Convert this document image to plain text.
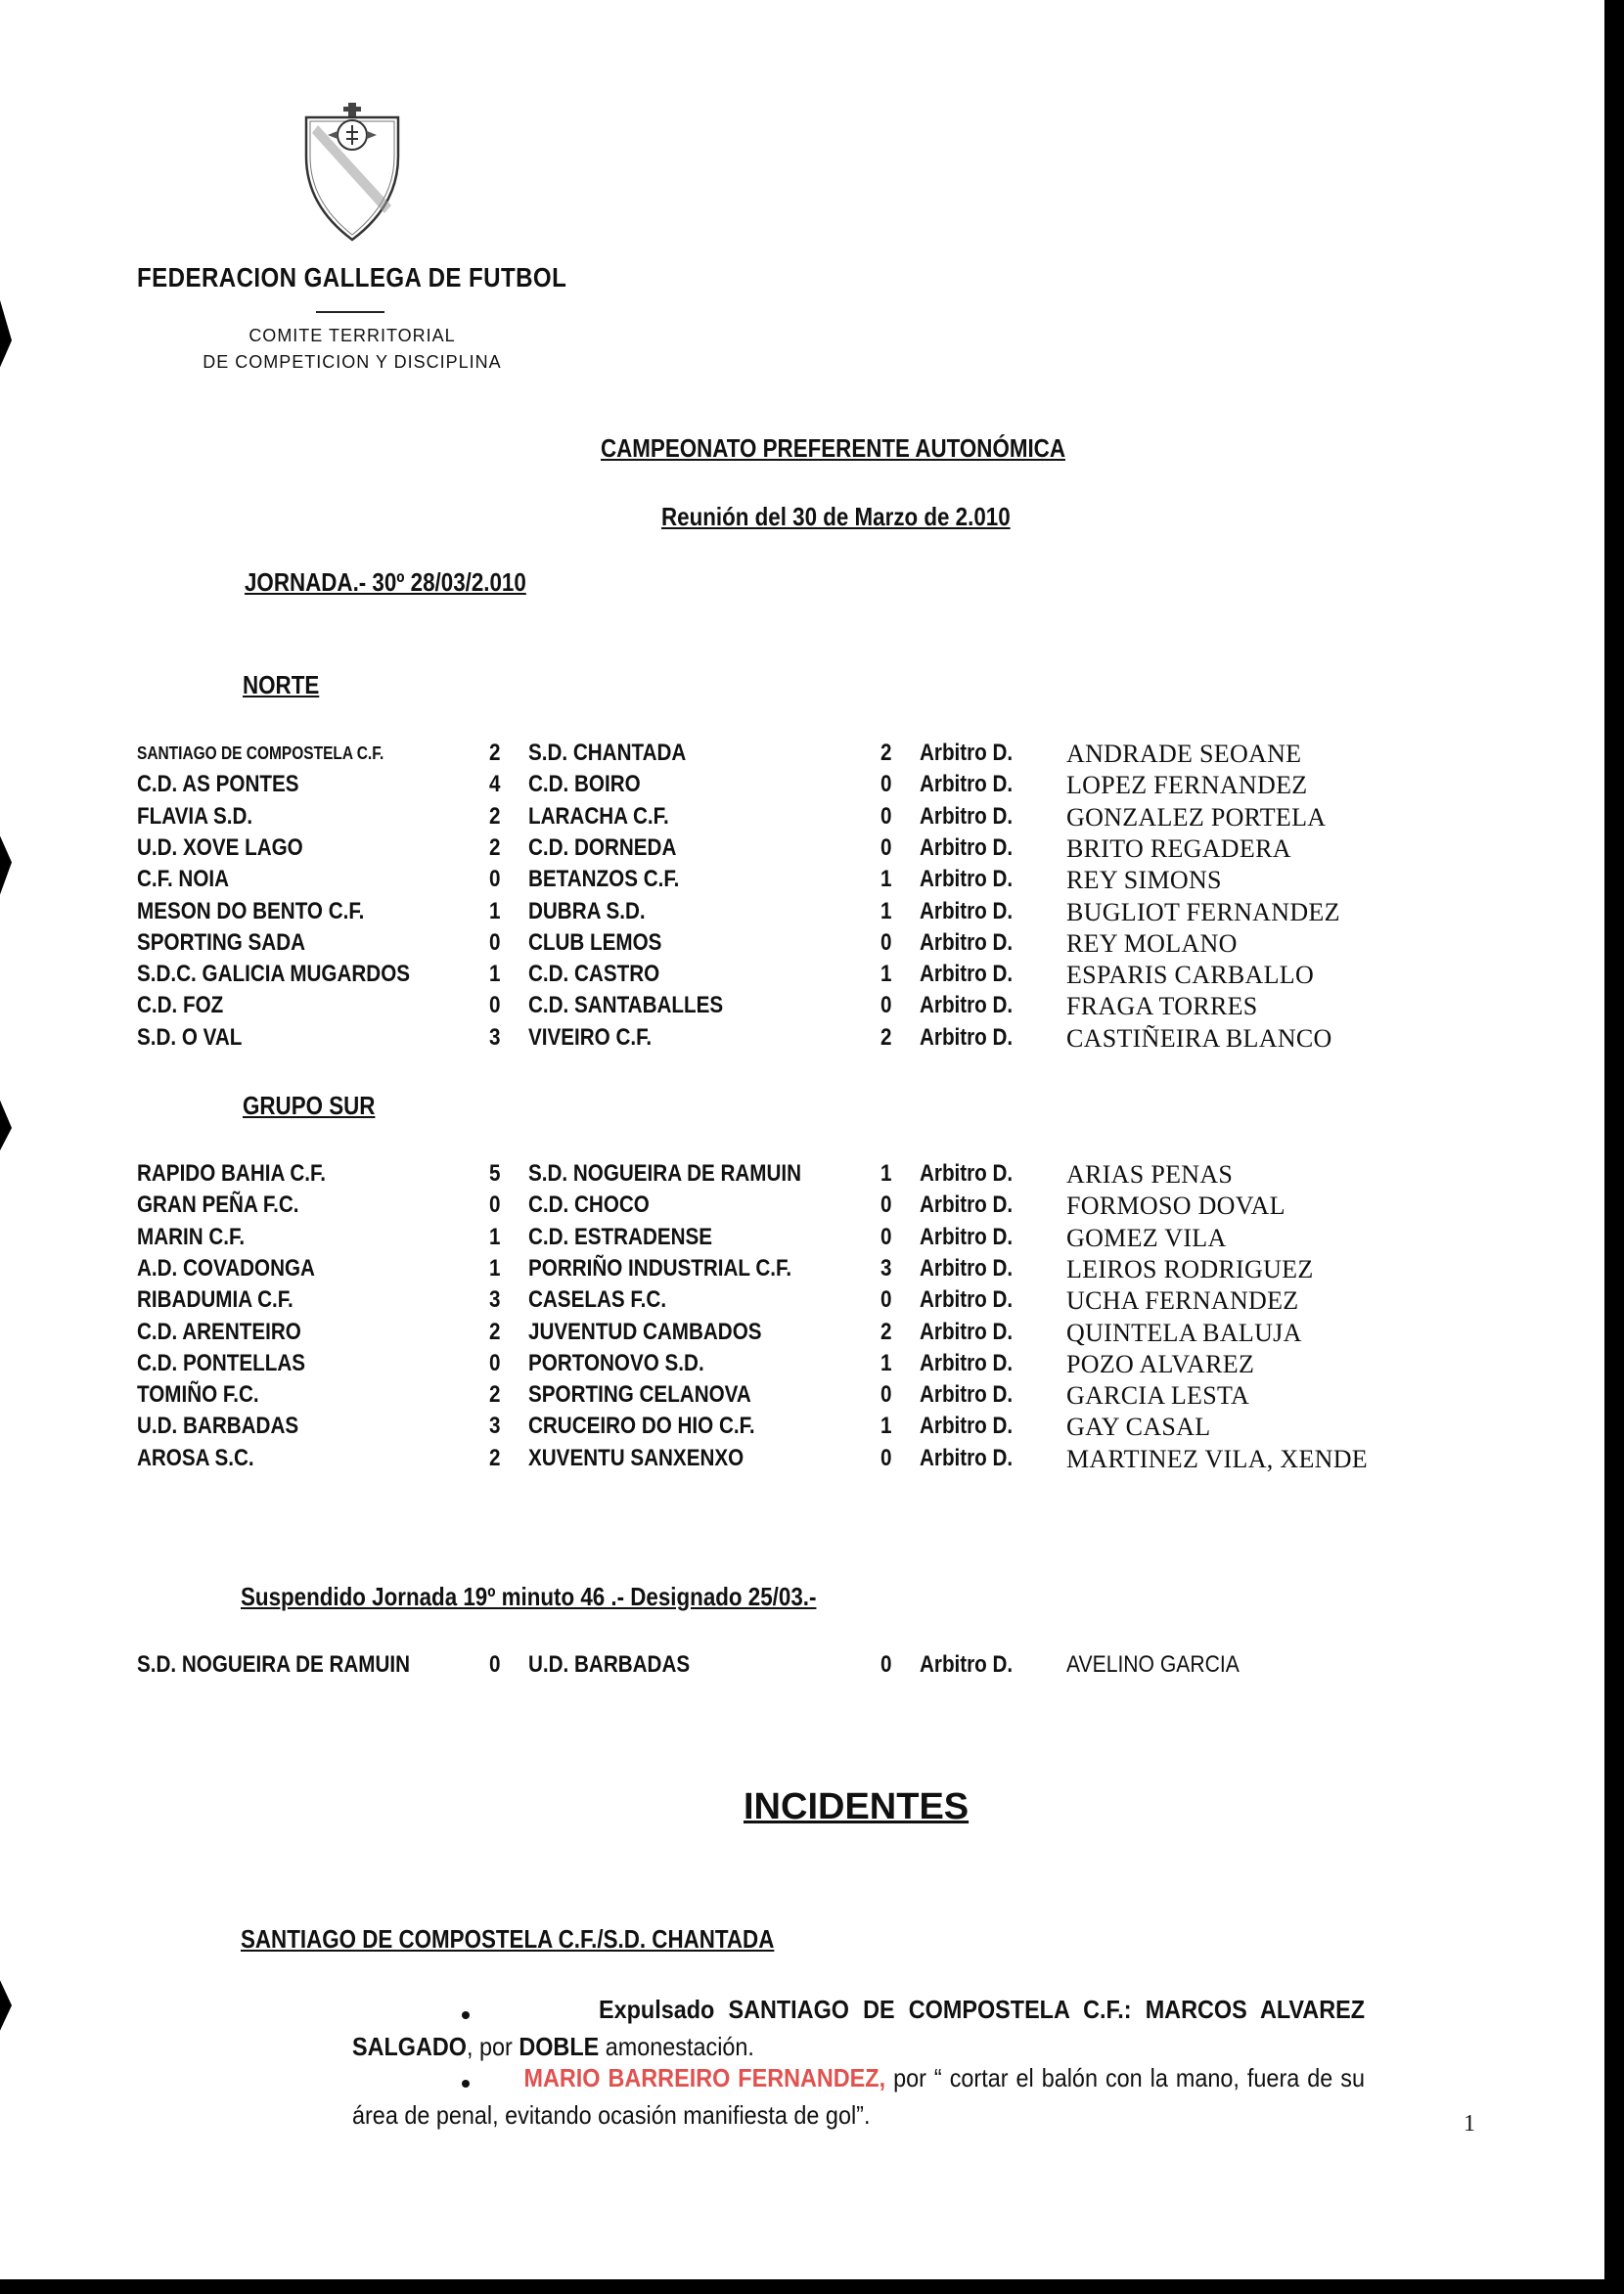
FEDERACION GALLEGA DE FUTBOL
COMITE TERRITORIAL
DE COMPETICION Y DISCIPLINA
CAMPEONATO PREFERENTE AUTONÓMICA
Reunión del 30 de Marzo de 2.010
JORNADA.- 30º 28/03/2.010
NORTE
SANTIAGO DE COMPOSTELA C.F.	2 S.D. CHANTADA	2 Arbitro D. ANDRADE SEOANE
C.D. AS PONTES	4 C.D. BOIRO	0 Arbitro D. LOPEZ FERNANDEZ
FLAVIA S.D.	2 LARACHA C.F.	0 Arbitro D. GONZALEZ PORTELA
U.D. XOVE LAGO	2 C.D. DORNEDA	0 Arbitro D. BRITO REGADERA
C.F. NOIA	0 BETANZOS C.F.	1 Arbitro D. REY SIMONS
MESON DO BENTO C.F.	1 DUBRA S.D.	1 Arbitro D. BUGLIOT FERNANDEZ
SPORTING SADA	0 CLUB LEMOS	0 Arbitro D. REY MOLANO
S.D.C. GALICIA MUGARDOS	1 C.D. CASTRO	1 Arbitro D. ESPARIS CARBALLO
C.D. FOZ	0 C.D. SANTABALLES	0 Arbitro D. FRAGA TORRES
S.D. O VAL	3 VIVEIRO C.F.	2 Arbitro D. CASTIÑEIRA BLANCO
GRUPO SUR
RAPIDO BAHIA C.F.	5 S.D. NOGUEIRA DE RAMUIN	1 Arbitro D. ARIAS PENAS
GRAN PEÑA F.C.	0 C.D. CHOCO	0 Arbitro D. FORMOSO DOVAL
MARIN C.F.	1 C.D. ESTRADENSE	0 Arbitro D. GOMEZ VILA
A.D. COVADONGA	1 PORRIÑO INDUSTRIAL C.F.	3 Arbitro D. LEIROS RODRIGUEZ
RIBADUMIA C.F.	3 CASELAS F.C.	0 Arbitro D. UCHA FERNANDEZ
C.D. ARENTEIRO	2 JUVENTUD CAMBADOS	2 Arbitro D. QUINTELA BALUJA
C.D. PONTELLAS	0 PORTONOVO S.D.	1 Arbitro D. POZO ALVAREZ
TOMIÑO F.C.	2 SPORTING CELANOVA	0 Arbitro D. GARCIA LESTA
U.D. BARBADAS	3 CRUCEIRO DO HIO C.F.	1 Arbitro D. GAY CASAL
AROSA S.C.	2 XUVENTU SANXENXO	0 Arbitro D. MARTINEZ VILA, XENDE
Suspendido Jornada 19º minuto 46 .- Designado 25/03.-
S.D. NOGUEIRA DE RAMUIN	0 U.D. BARBADAS	0 Arbitro D. AVELINO GARCIA
INCIDENTES
SANTIAGO DE COMPOSTELA C.F./S.D. CHANTADA
Expulsado SANTIAGO DE COMPOSTELA C.F.: MARCOS ALVAREZ SALGADO, por DOBLE amonestación.
MARIO BARREIRO FERNANDEZ, por “ cortar el balón con la mano, fuera de su área de penal, evitando ocasión manifiesta de gol”.	1
